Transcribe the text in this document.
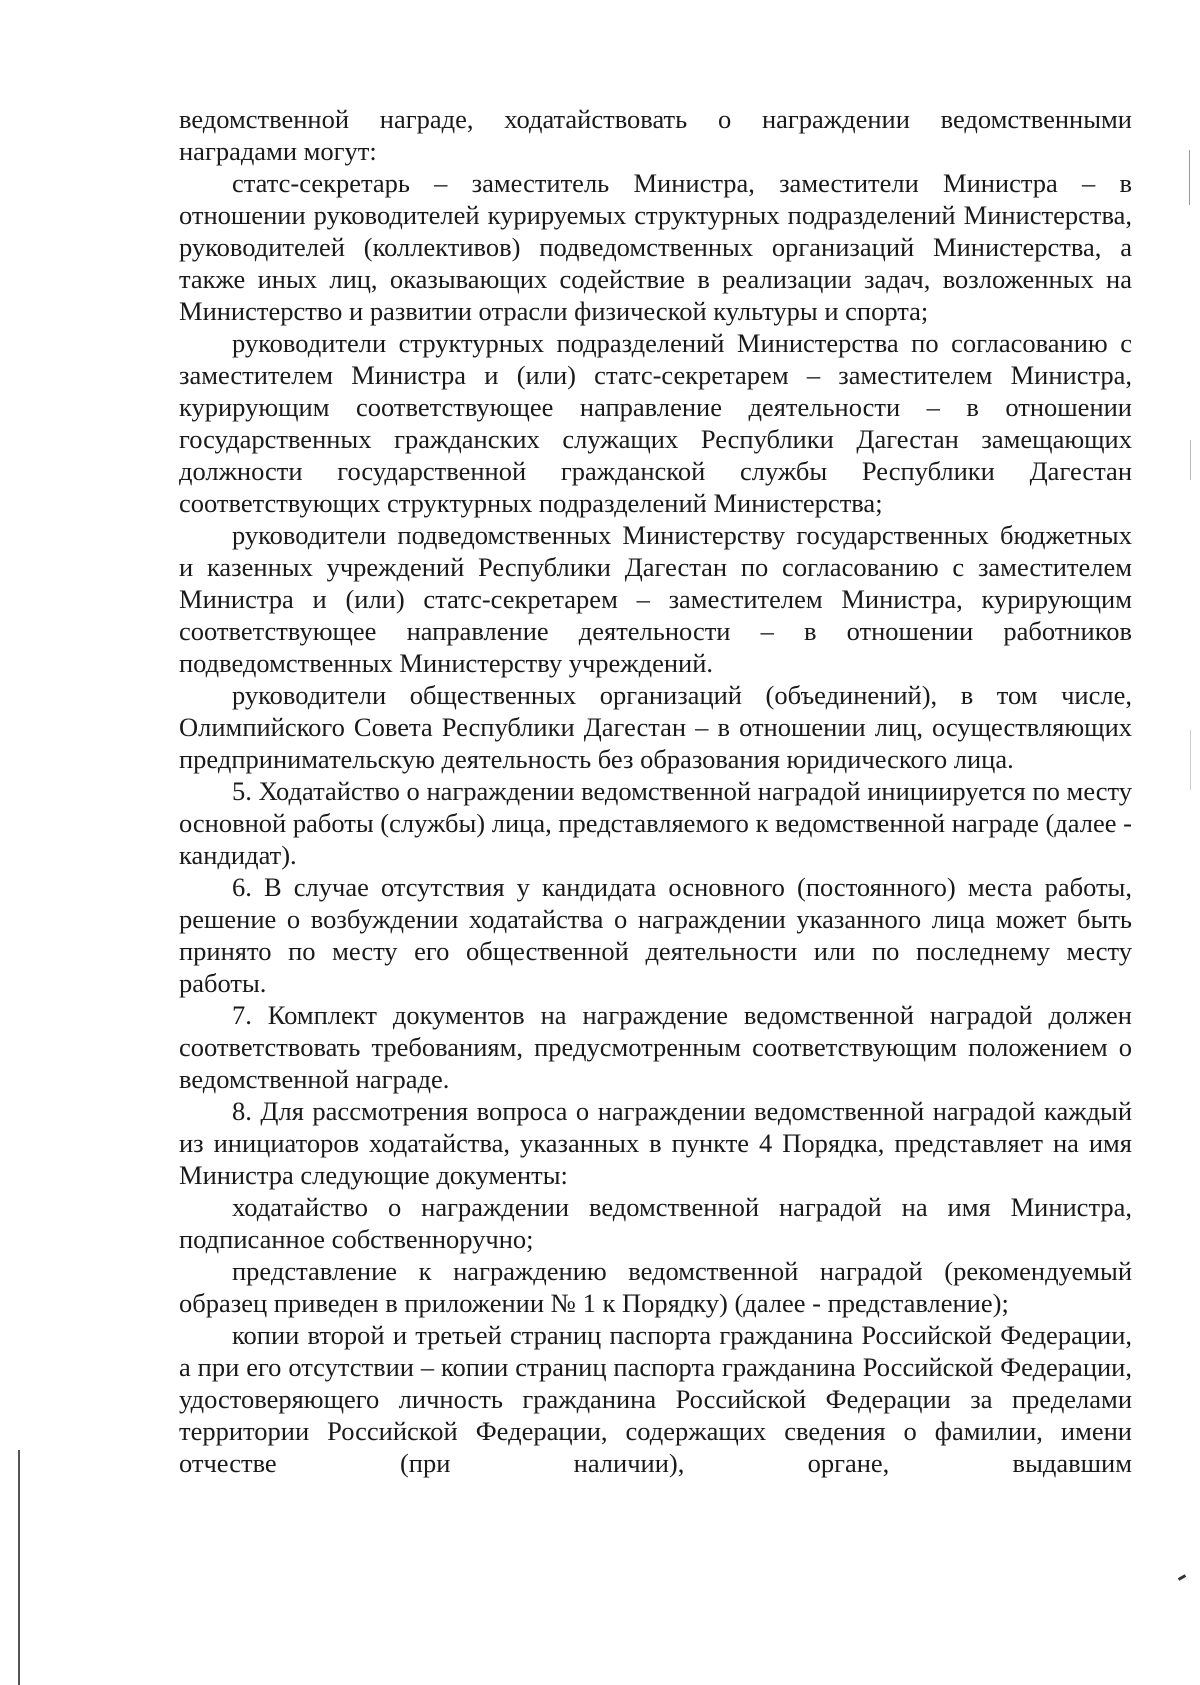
ведомственной награде, ходатайствовать о награждении ведомственными наградами могут:

статс-секретарь – заместитель Министра, заместители Министра – в отношении руководителей курируемых структурных подразделений Министерства, руководителей (коллективов) подведомственных организаций Министерства, а также иных лиц, оказывающих содействие в реализации задач, возложенных на Министерство и развитии отрасли физической культуры и спорта;

руководители структурных подразделений Министерства по согласованию с заместителем Министра и (или) статс-секретарем – заместителем Министра, курирующим соответствующее направление деятельности – в отношении государственных гражданских служащих Республики Дагестан замещающих должности государственной гражданской службы Республики Дагестан соответствующих структурных подразделений Министерства;

руководители подведомственных Министерству государственных бюджетных и казенных учреждений Республики Дагестан по согласованию с заместителем Министра и (или) статс-секретарем – заместителем Министра, курирующим соответствующее направление деятельности – в отношении работников подведомственных Министерству учреждений.

руководители общественных организаций (объединений), в том числе, Олимпийского Совета Республики Дагестан – в отношении лиц, осуществляющих предпринимательскую деятельность без образования юридического лица.

5. Ходатайство о награждении ведомственной наградой инициируется по месту основной работы (службы) лица, представляемого к ведомственной награде (далее - кандидат).

6. В случае отсутствия у кандидата основного (постоянного) места работы, решение о возбуждении ходатайства о награждении указанного лица может быть принято по месту его общественной деятельности или по последнему месту работы.

7. Комплект документов на награждение ведомственной наградой должен соответствовать требованиям, предусмотренным соответствующим положением о ведомственной награде.

8. Для рассмотрения вопроса о награждении ведомственной наградой каждый из инициаторов ходатайства, указанных в пункте 4 Порядка, представляет на имя Министра следующие документы:

ходатайство о награждении ведомственной наградой на имя Министра, подписанное собственноручно;

представление к награждению ведомственной наградой (рекомендуемый образец приведен в приложении № 1 к Порядку) (далее - представление);

копии второй и третьей страниц паспорта гражданина Российской Федерации, а при его отсутствии – копии страниц паспорта гражданина Российской Федерации, удостоверяющего личность гражданина Российской Федерации за пределами территории Российской Федерации, содержащих сведения о фамилии, имени отчестве (при наличии), органе, выдавшим
